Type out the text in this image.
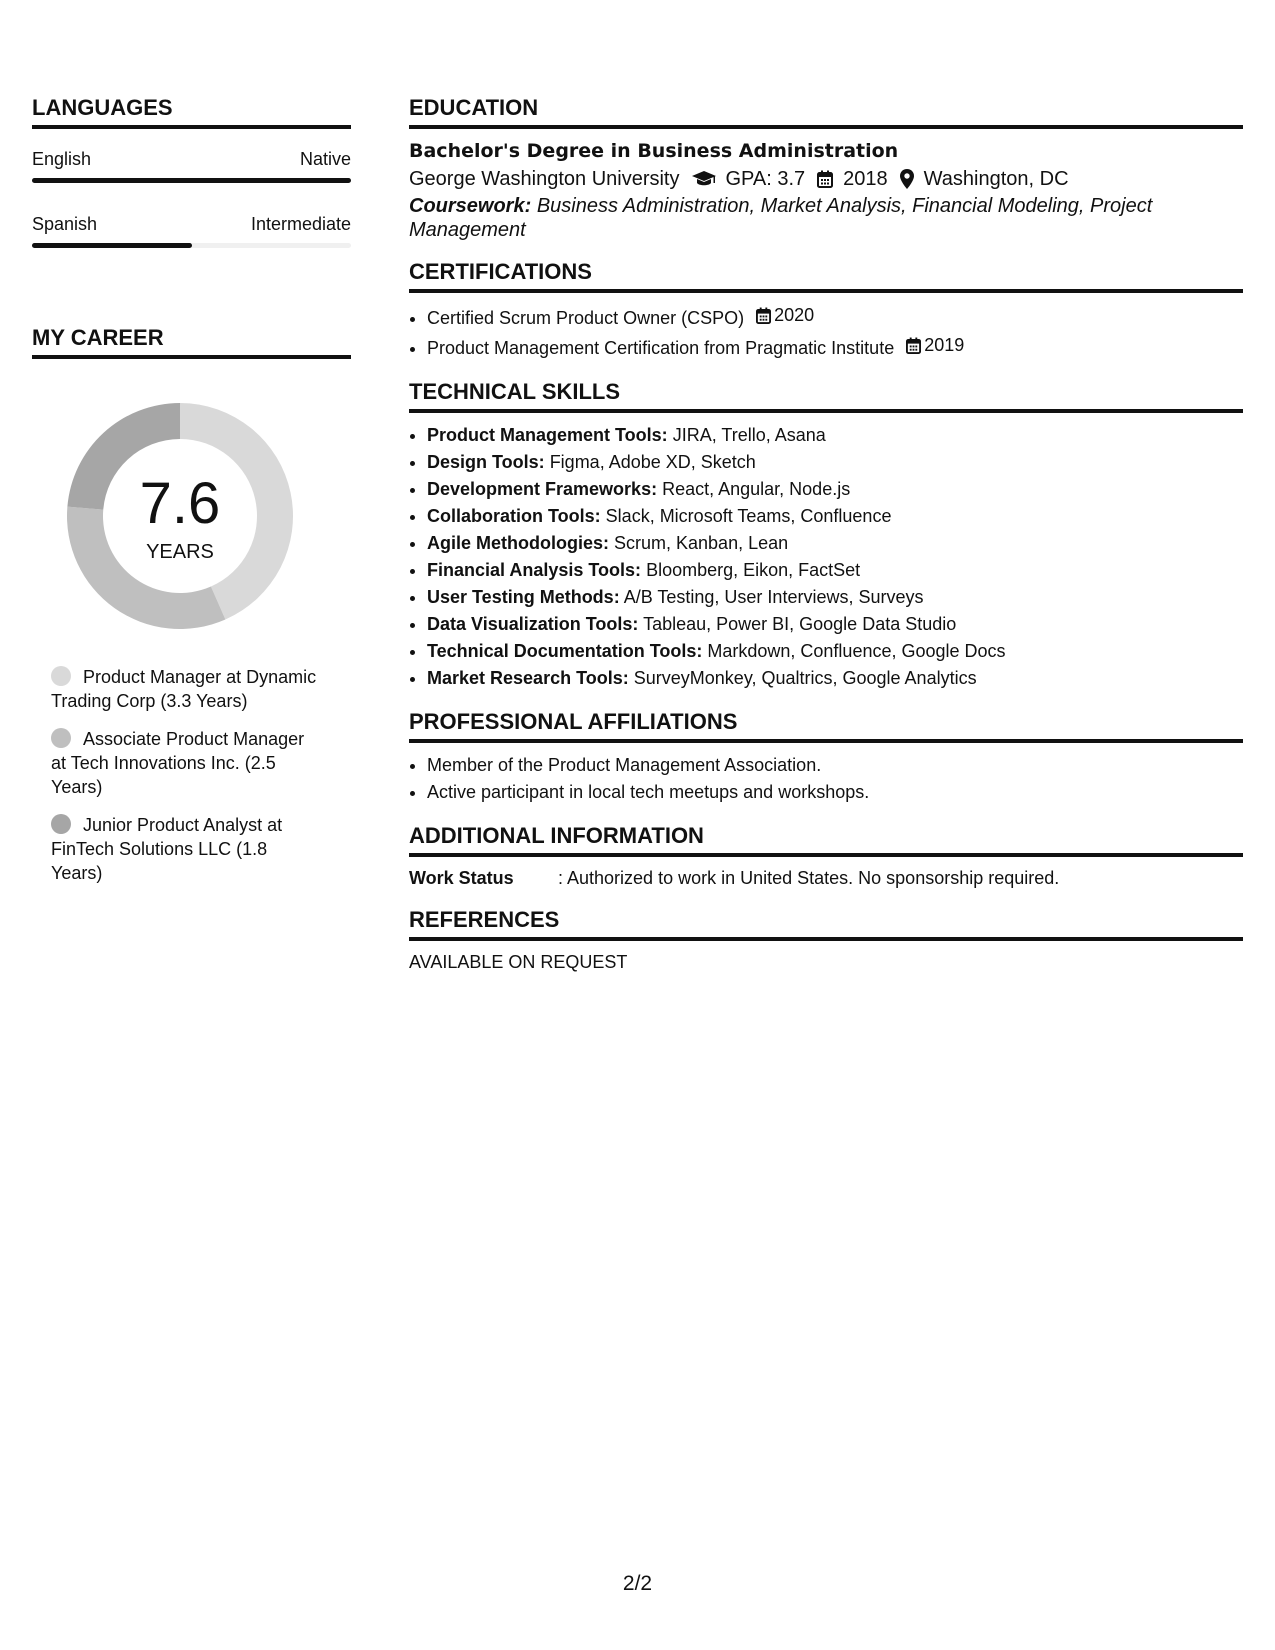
LANGUAGES
English	Native
Spanish	Intermediate
MY CAREER
7.6
YEARS
Product Manager at Dynamic Trading Corp (3.3 Years)
Associate Product Manager at Tech Innovations Inc. (2.5 Years)
Junior Product Analyst at FinTech Solutions LLC (1.8 Years)
EDUCATION
Bachelor's Degree in Business Administration
George Washington University GPA: 3.7 2018 Washington, DC
Coursework: Business Administration, Market Analysis, Financial Modeling, Project Management
CERTIFICATIONS
• Certified Scrum Product Owner (CSPO) 2020
• Product Management Certification from Pragmatic Institute 2019
TECHNICAL SKILLS
• Product Management Tools: JIRA, Trello, Asana
• Design Tools: Figma, Adobe XD, Sketch
• Development Frameworks: React, Angular, Node.js
• Collaboration Tools: Slack, Microsoft Teams, Confluence
• Agile Methodologies: Scrum, Kanban, Lean
• Financial Analysis Tools: Bloomberg, Eikon, FactSet
• User Testing Methods: A/B Testing, User Interviews, Surveys
• Data Visualization Tools: Tableau, Power BI, Google Data Studio
• Technical Documentation Tools: Markdown, Confluence, Google Docs
• Market Research Tools: SurveyMonkey, Qualtrics, Google Analytics
PROFESSIONAL AFFILIATIONS
• Member of the Product Management Association.
• Active participant in local tech meetups and workshops.
ADDITIONAL INFORMATION
Work Status	: Authorized to work in United States. No sponsorship required.
REFERENCES
AVAILABLE ON REQUEST
2/2
